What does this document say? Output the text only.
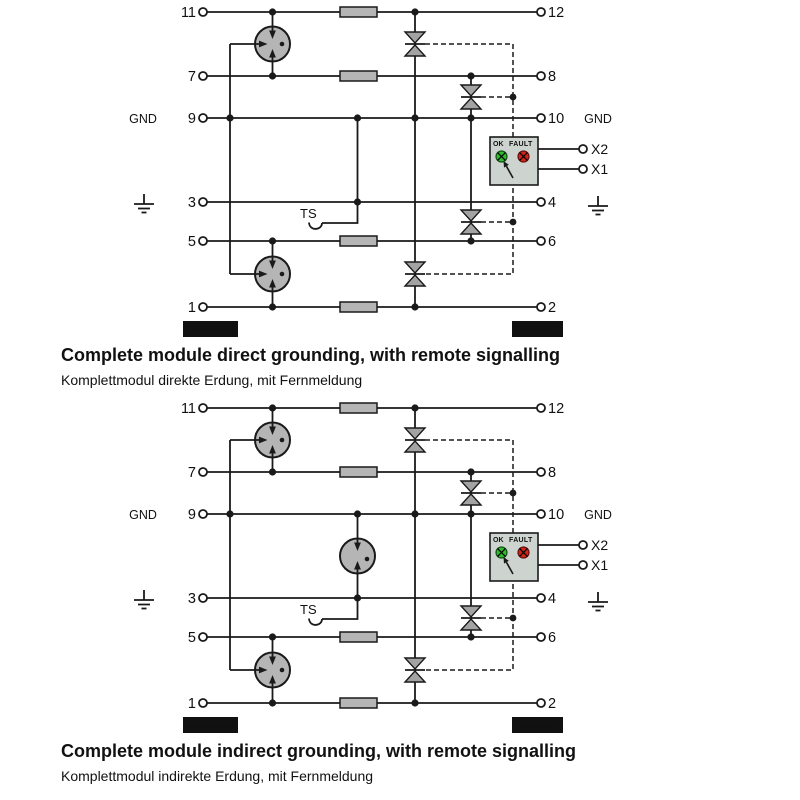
TS
OK FAULT	X2
X1
11	12
7	8
9	10
3	4
5	6
1	2
GND	GND
unprotected	protected
Complete module direct grounding, with remote signalling
Komplettmodul direkte Erdung, mit Fernmeldung
TS
OK FAULT	X2
X1
11	12
7	8
9	10
3	4
5	6
1	2
GND	GND
unprotected	protected
Complete module indirect grounding, with remote signalling
Komplettmodul indirekte Erdung, mit Fernmeldung
